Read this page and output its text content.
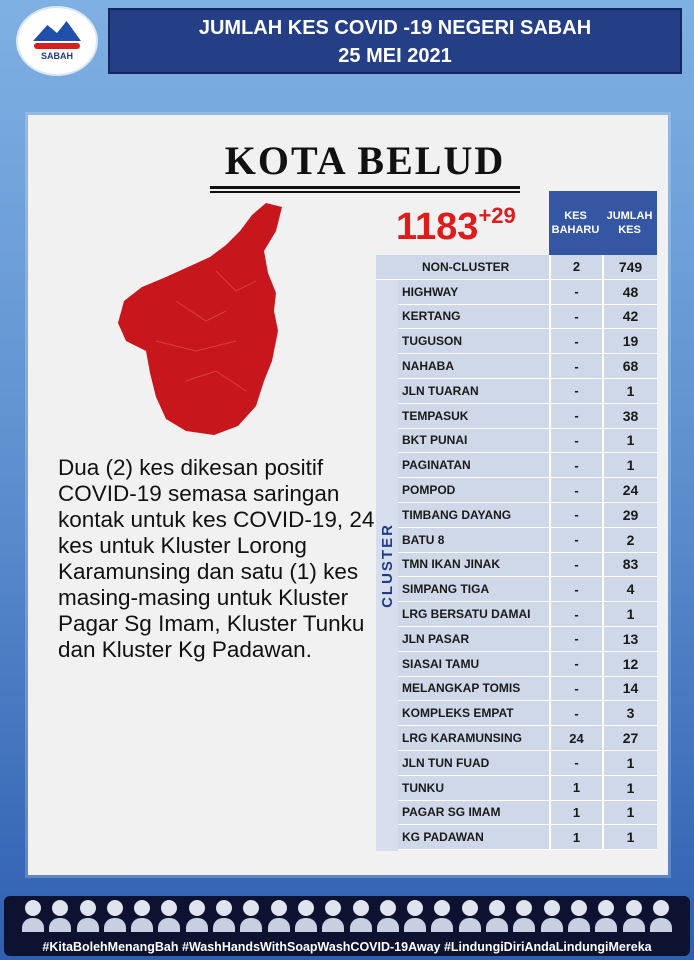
SABAH
JUMLAH KES COVID -19 NEGERI SABAH
25 MEI 2021
KOTA BELUD
$1183^{+29}$
Dua (2) kes dikesan positif COVID-19 semasa saringan kontak untuk kes COVID-19, 24 kes untuk Kluster Lorong Karamunsing dan satu (1) kes masing-masing untuk Kluster Pagar Sg Imam, Kluster Tunku dan Kluster Kg Padawan.
KES BAHARU
JUMLAH KES
NON-CLUSTER	2	749
HIGHWAY	-	48
KERTANG	-	42
TUGUSON	-	19
NAHABA	-	68
JLN TUARAN	-	1
TEMPASUK	-	38
BKT PUNAI	-	1
PAGINATAN	-	1
POMPOD	-	24
TIMBANG DAYANG	-	29
BATU 8	-	2
TMN IKAN JINAK	-	83
SIMPANG TIGA	-	4
LRG BERSATU DAMAI	-	1
JLN PASAR	-	13
SIASAI TAMU	-	12
MELANGKAP TOMIS	-	14
KOMPLEKS EMPAT	-	3
LRG KARAMUNSING	24	27
JLN TUN FUAD	-	1
TUNKU	1	1
PAGAR SG IMAM	1	1
KG PADAWAN	1	1
CLUSTER
#KitaBolehMenangBah #WashHandsWithSoapWashCOVID-19Away #LindungiDiriAndaLindungiMereka
